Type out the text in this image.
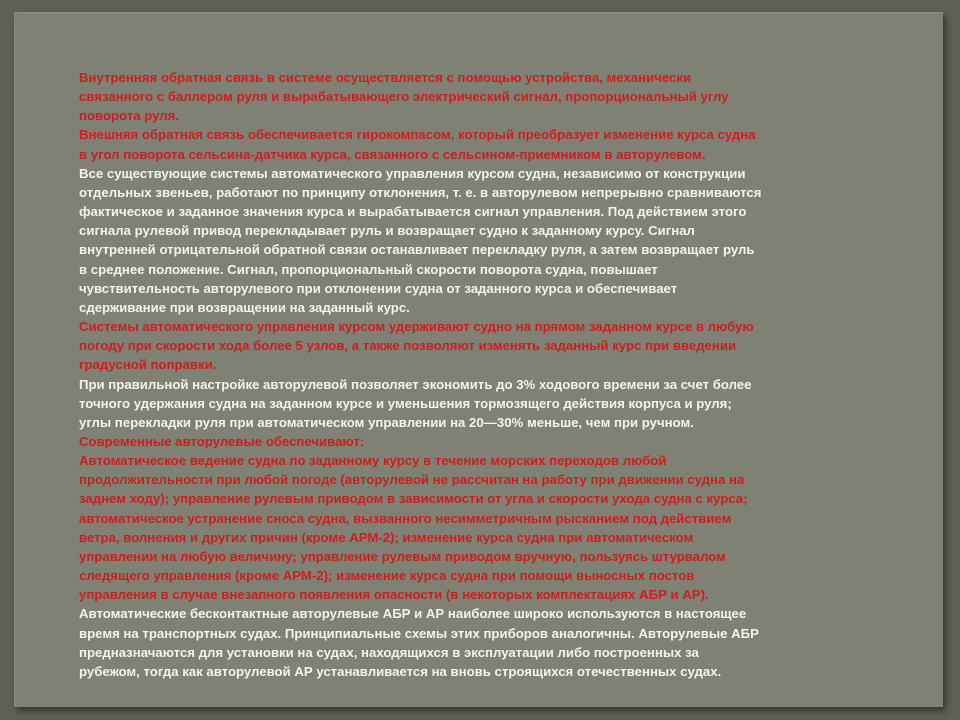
Внутренняя обратная связь в системе осуществляется с помощью устройства, механически
связанного с баллером руля и вырабатывающего электрический сигнал, пропорциональный углу
поворота руля.

Внешняя обратная связь обеспечивается гирокомпасом, который преобразует изменение курса судна
в угол поворота сельсина-датчика курса, связанного с сельсином-приемником в авторулевом.

Все существующие системы автоматического управления курсом судна, независимо от конструкции
отдельных звеньев, работают по принципу отклонения, т. е. в авторулевом непрерывно сравниваются
фактическое и заданное значения курса и вырабатывается сигнал управления. Под действием этого
сигнала рулевой привод перекладывает руль и возвращает судно к заданному курсу. Сигнал
внутренней отрицательной обратной связи останавливает перекладку руля, а затем возвращает руль
в среднее положение. Сигнал, пропорциональный скорости поворота судна, повышает
чувствительность авторулевого при отклонении судна от заданного курса и обеспечивает
сдерживание при возвращении на заданный курс.

Системы автоматического управления курсом удерживают судно на прямом заданном курсе в любую
погоду при скорости хода более 5 узлов, а также позволяют изменять заданный курс при введении
градусной поправки.

При правильной настройке авторулевой позволяет экономить до 3% ходового времени за счет более
точного удержания судна на заданном курсе и уменьшения тормозящего действия корпуса и руля;
углы перекладки руля при автоматическом управлении на 20—30% меньше, чем при ручном.

Современные авторулевые обеспечивают:
Автоматическое ведение судна по заданному курсу в течение морских переходов любой
продолжительности при любой погоде (авторулевой не рассчитан на работу при движении судна на
заднем ходу); управление рулевым приводом в зависимости от угла и скорости ухода судна с курса;
автоматическое устранение сноса судна, вызванного несимметричным рысканием под действием
ветра, волнения и других причин (кроме АРМ-2); изменение курса судна при автоматическом
управлении на любую величину; управление рулевым приводом вручную, пользуясь штурвалом
следящего управления (кроме АРМ-2); изменение курса судна при помощи выносных постов
управления в случае внезапного появления опасности (в некоторых комплектациях АБР и АР).

Автоматические бесконтактные авторулевые АБР и АР наиболее широко используются в настоящее
время на транспортных судах. Принципиальные схемы этих приборов аналогичны. Авторулевые АБР
предназначаются для установки на судах, находящихся в эксплуатации либо построенных за
рубежом, тогда как авторулевой АР устанавливается на вновь строящихся отечественных судах.
